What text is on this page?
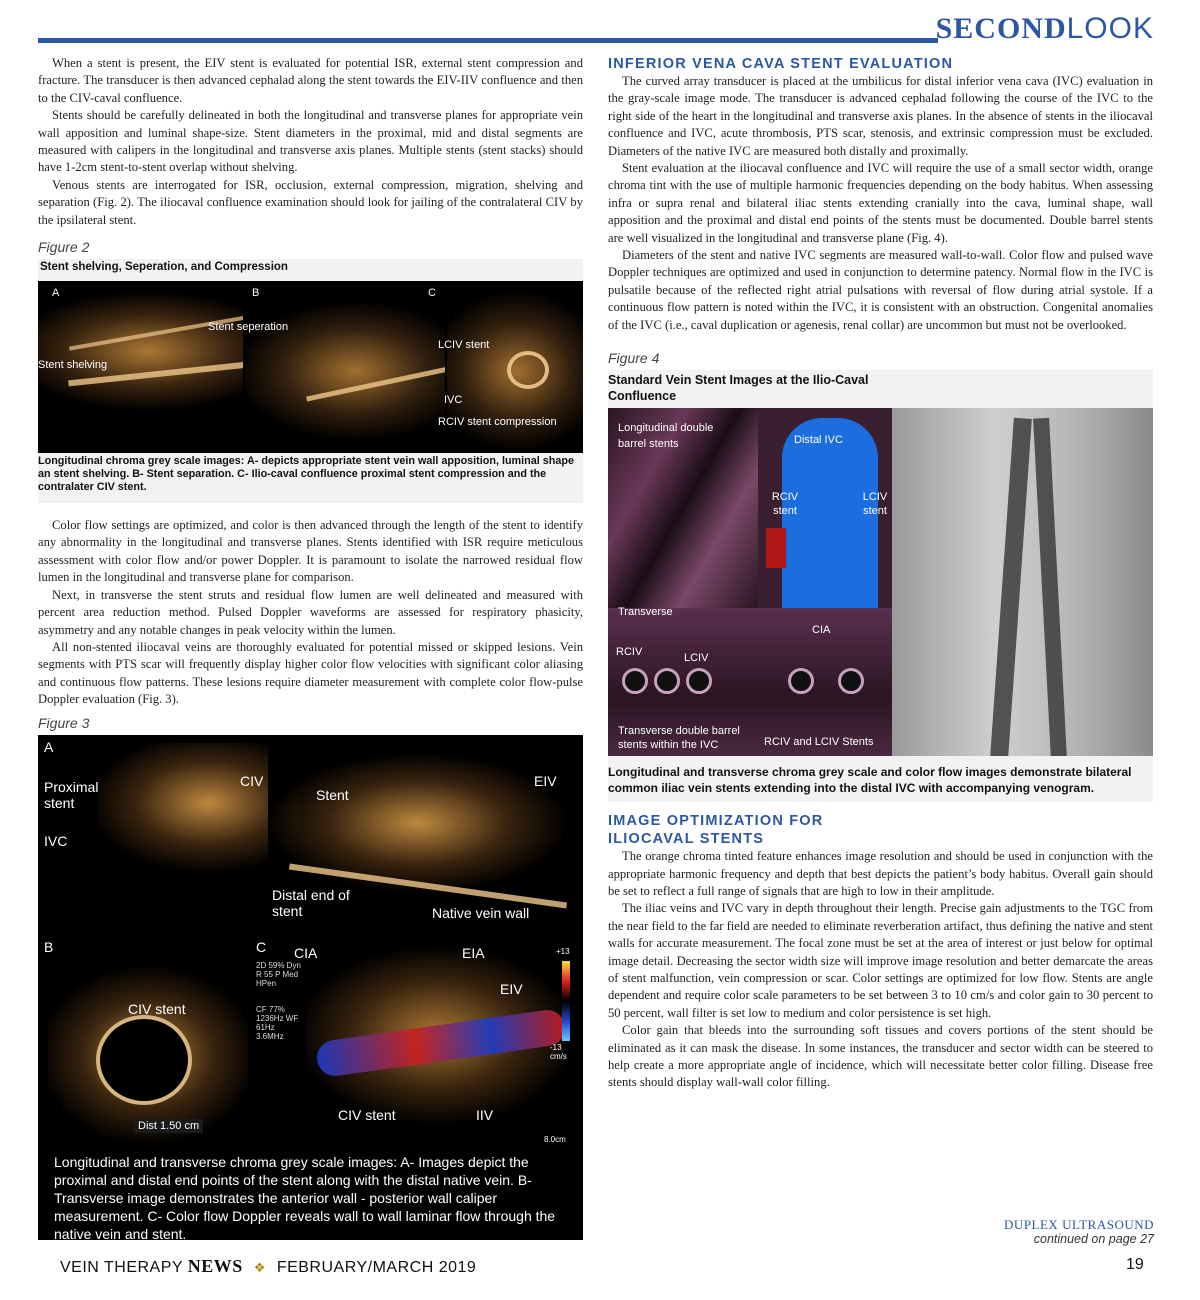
SECONDLOOK

When a stent is present, the EIV stent is evaluated for potential ISR, external stent compression and fracture. The transducer is then advanced cephalad along the stent towards the EIV-IIV confluence and then to the CIV-caval confluence.

Stents should be carefully delineated in both the longitudinal and transverse planes for appropriate vein wall apposition and luminal shape-size. Stent diameters in the proximal, mid and distal segments are measured with calipers in the longitudinal and transverse axis planes. Multiple stents (stent stacks) should have 1-2cm stent-to-stent overlap without shelving.

Venous stents are interrogated for ISR, occlusion, external compression, migration, shelving and separation (Fig. 2). The iliocaval confluence examination should look for jailing of the contralateral CIV by the ipsilateral stent.

Figure 2
Stent shelving, Seperation, and Compression
A	B	C
Stent shelving
Stent seperation
LCIV stent
IVC
RCIV stent compression
Longitudinal chroma grey scale images: A- depicts appropriate stent vein wall apposition, luminal shape an stent shelving. B- Stent separation. C- Ilio-caval confluence proximal stent compression and the contralater CIV stent.

Color flow settings are optimized, and color is then advanced through the length of the stent to identify any abnormality in the longitudinal and transverse planes. Stents identified with ISR require meticulous assessment with color flow and/or power Doppler. It is paramount to isolate the narrowed residual flow lumen in the longitudinal and transverse plane for comparison.

Next, in transverse the stent struts and residual flow lumen are well delineated and measured with percent area reduction method. Pulsed Doppler waveforms are assessed for respiratory phasicity, asymmetry and any notable changes in peak velocity within the lumen.

All non-stented iliocaval veins are thoroughly evaluated for potential missed or skipped lesions. Vein segments with PTS scar will frequently display higher color flow velocities with significant color aliasing and continuous flow patterns. These lesions require diameter measurement with complete color flow-pulse Doppler evaluation (Fig. 3).

Figure 3
A
Proximal stent
IVC
CIV
Stent
EIV
Distal end of stent	Native vein wall
B
CIV stent
Dist 1.50 cm
C
2D 59% Dyn R 55 P Med HPen
CF 77% 1236Hz WF 61Hz 3.6MHz
CIA	EIA
EIV
CIV stent	IIV
+13
-13 cm/s
8.0cm
Longitudinal and transverse chroma grey scale images: A- Images depict the proximal and distal end points of the stent along with the distal native vein. B- Transverse image demonstrates the anterior wall - posterior wall caliper measurement. C- Color flow Doppler reveals wall to wall laminar flow through the native vein and stent.
INFERIOR VENA CAVA STENT EVALUATION

The curved array transducer is placed at the umbilicus for distal inferior vena cava (IVC) evaluation in the gray-scale image mode. The transducer is advanced cephalad following the course of the IVC to the right side of the heart in the longitudinal and transverse axis planes. In the absence of stents in the iliocaval confluence and IVC, acute thrombosis, PTS scar, stenosis, and extrinsic compression must be excluded. Diameters of the native IVC are measured both distally and proximally.

Stent evaluation at the iliocaval confluence and IVC will require the use of a small sector width, orange chroma tint with the use of multiple harmonic frequencies depending on the body habitus. When assessing infra or supra renal and bilateral iliac stents extending cranially into the cava, luminal shape, wall apposition and the proximal and distal end points of the stents must be documented. Double barrel stents are well visualized in the longitudinal and transverse plane (Fig. 4).

Diameters of the stent and native IVC segments are measured wall-to-wall. Color flow and pulsed wave Doppler techniques are optimized and used in conjunction to determine patency. Normal flow in the IVC is pulsatile because of the reflected right atrial pulsations with reversal of flow during atrial systole. If a continuous flow pattern is noted within the IVC, it is consistent with an obstruction. Congenital anomalies of the IVC (i.e., caval duplication or agenesis, renal collar) are uncommon but must not be overlooked.

Figure 4
Standard Vein Stent Images at the Ilio-Caval Confluence
Longitudinal double barrel stents	Distal IVC
RCIV stent
LCIV stent
Transverse
RCIV	LCIV
CIA
Transverse double barrel stents within the IVC	RCIV and LCIV Stents
Longitudinal and transverse chroma grey scale and color flow images demonstrate bilateral common iliac vein stents extending into the distal IVC with accompanying venogram.
IMAGE OPTIMIZATION FOR ILIOCAVAL STENTS

The orange chroma tinted feature enhances image resolution and should be used in conjunction with the appropriate harmonic frequency and depth that best depicts the patient’s body habitus. Overall gain should be set to reflect a full range of signals that are high to low in their amplitude.

The iliac veins and IVC vary in depth throughout their length. Precise gain adjustments to the TGC from the near field to the far field are needed to eliminate reverberation artifact, thus defining the native and stent walls for accurate measurement. The focal zone must be set at the area of interest or just below for optimal image detail. Decreasing the sector width size will improve image resolution and better demarcate the areas of stent malfunction, vein compression or scar. Color settings are optimized for low flow. Stents are angle dependent and require color scale parameters to be set between 3 to 10 cm/s and color gain to 30 percent to 50 percent, wall filter is set low to medium and color persistence is set high.

Color gain that bleeds into the surrounding soft tissues and covers portions of the stent should be eliminated as it can mask the disease. In some instances, the transducer and sector width can be steered to help create a more appropriate angle of incidence, which will necessitate better color filling. Disease free stents should display wall-wall color filling.

DUPLEX ULTRASOUND
continued on page 27
VEIN THERAPY NEWS ❖ FEBRUARY/MARCH 2019	19
